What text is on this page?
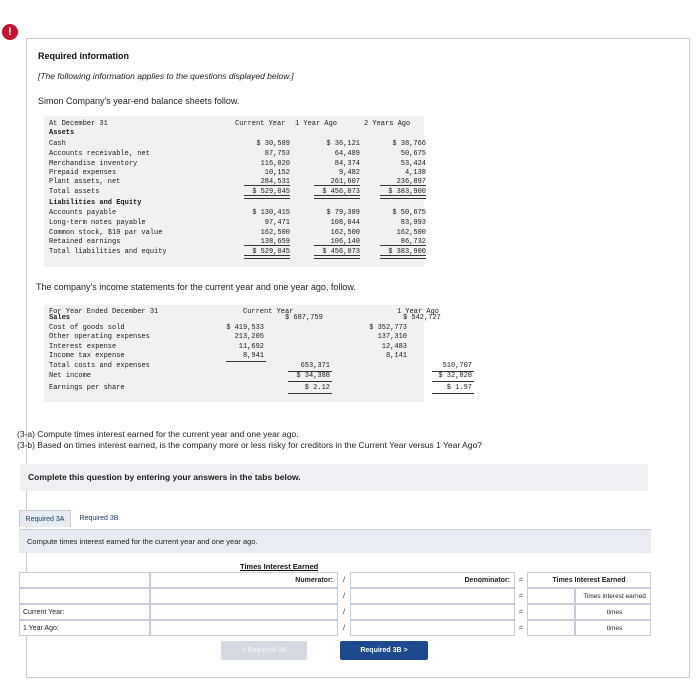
!
Required information
[The following information applies to the questions displayed below.]
Simon Company's year-end balance sheets follow.
At December 31	Current Year 1 Year Ago	2 Years Ago
Assets
Cash	$ 30,589	$ 36,121	$ 38,766
Accounts receivable, net	87,753	64,489	50,675
Merchandise inventory	116,020	84,374	53,424
Prepaid expenses	10,152	9,482	4,138
Plant assets, net	284,531	261,607	236,897
Total assets	$ 529,045	$ 456,073	$ 383,900
Liabilities and Equity
Accounts payable	$ 130,415	$ 79,389	$ 50,675
Long-term notes payable	97,471	108,044	83,993
Common stock, $10 par value	162,500	162,500	162,500
Retained earnings	138,659	106,140	86,732
Total liabilities and equity	$ 529,045	$ 456,073	$ 383,900
The company's income statements for the current year and one year ago, follow.
For Year Ended December 31	Current Year	1 Year Ago
Sales	$ 687,759	$ 542,727
(3-a) Compute times interest earned for the current year and one year ago.
(3-b) Based on times interest earned, is the company more or less risky for creditors in the Current Year versus 1 Year Ago?
Complete this question by entering your answers in the tabs below.
Required 3A	Required 3B
Compute times interest earned for the current year and one year ago.
Times Interest Earned
Numerator:	/	Denominator:	=	Times Interest Earned
< Required 3A	Required 3B >
Cost of goods sold	$ 419,533	$ 352,773
Other operating expenses	213,205	137,310
Interest expense	11,692	12,483
Income tax expense	8,941	8,141
Total costs and expenses	653,371	510,707
Net income	$ 34,388	$ 32,020
Earnings per share	$ 2.12	$ 1.97
/	=	Times interest earned
Current Year:	/	=	times
1 Year Ago:	/	=	times
